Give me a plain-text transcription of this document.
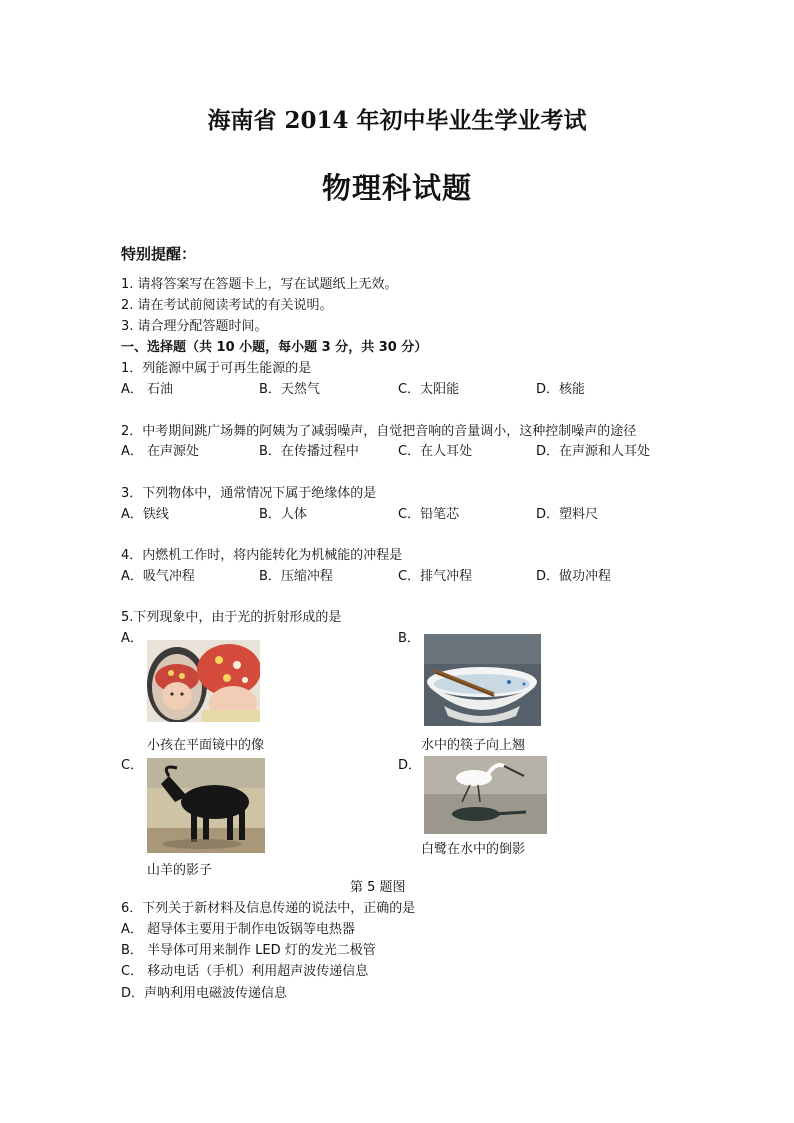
海南省 2014 年初中毕业生学业考试
物理科试题
特别提醒：
1. 请将答案写在答题卡上，写在试题纸上无效。
2. 请在考试前阅读考试的有关说明。
3. 请合理分配答题时间。
一、选择题（共 10 小题，每小题 3 分，共 30 分）
1．列能源中属于可再生能源的是
A． 石油	B．天然气	C．太阳能	D．核能
2．中考期间跳广场舞的阿姨为了减弱噪声，自觉把音响的音量调小，这种控制噪声的途径
A． 在声源处	B．在传播过程中	C．在人耳处	D．在声源和人耳处
3．下列物体中，通常情况下属于绝缘体的是
A．铁线	B．人体	C．铅笔芯	D．塑料尺
4．内燃机工作时，将内能转化为机械能的冲程是
A．吸气冲程	B．压缩冲程	C．排气冲程	D．做功冲程
5.下列现象中，由于光的折射形成的是
A．
小孩在平面镜中的像
B．
水中的筷子向上翘
C．
山羊的影子
D．
白鹭在水中的倒影
第 5 题图
6．下列关于新材料及信息传递的说法中，正确的是
A． 超导体主要用于制作电饭锅等电热器
B． 半导体可用来制作 LED 灯的发光二极管
C． 移动电话（手机）利用超声波传递信息
D．声呐利用电磁波传递信息
